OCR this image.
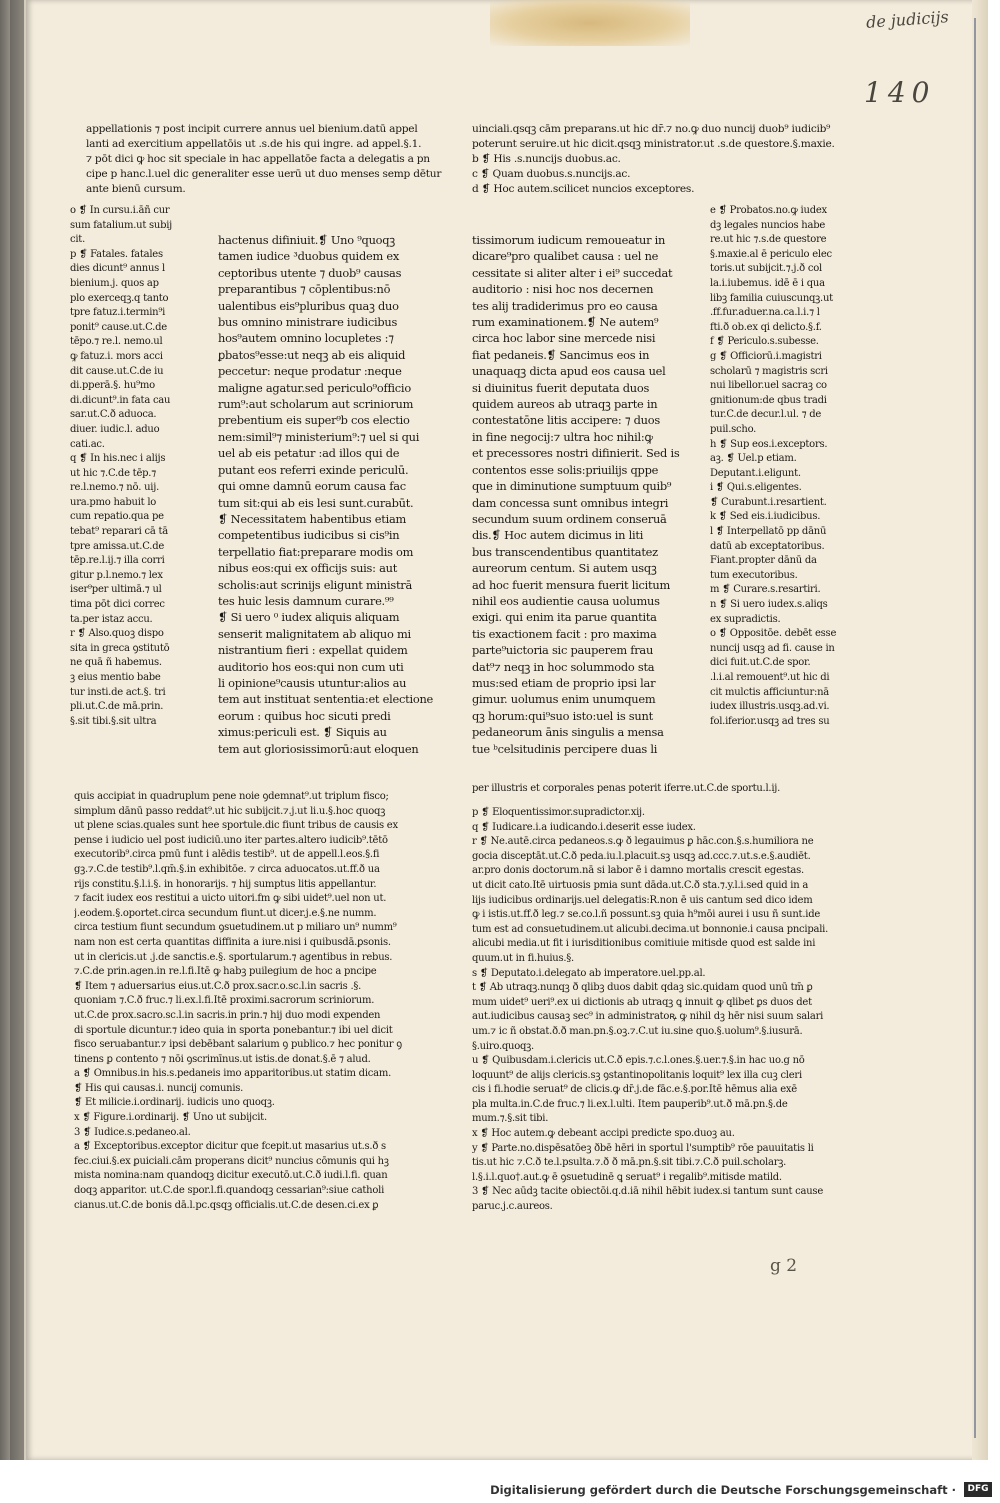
de judicijs
140
appellationis ⁊ post incipit currere annus uel bienium.datū appel
lanti ad exercitium appellatōis ut .s.de his qui ingre. ad appel.§.1.
⁊ pōt dici ꝙ hoc sit speciale in hac appellatōe facta a delegatis a pn
cipe p hanc.l.uel dic generaliter esse uerū ut duo menses semp dētur
ante bienū cursum.
uinciali.qsqꝫ cām preparans.ut hic dr̄.⁊ no.ꝙ duo nuncij duob⁹ iudicib⁹
poterunt seruire.ut hic dicit.qsqꝫ ministrator.ut .s.de questore.§.maxie.
b ❡ His .s.nuncijs duobus.ac.
c ❡ Quam duobus.s.nuncijs.ac.
d ❡ Hoc autem.scilicet nuncios exceptores.
o ❡ In cursu.i.āñ cur
sum fatalium.ut subij
cit.
p ❡ Fatales. fatales
dies dicunt⁹ annus l
bienium.j. quos ap
plo exerceqꝫ.q tanto
tpre fatuz.i.termin⁹i
ponit⁹ cause.ut.C.de
tēpo.⁊ re.l. nemo.ul
ꝙ fatuz.i. mors acci
dit cause.ut.C.de iu
di.pperā.§. hu⁹mo
di.dicunt⁹.in fata cau
sar.ut.C.ð aduoca.
diuer. iudic.l. aduo
cati.ac.
q ❡ In his.nec i alijs
ut hic ⁊.C.de tēp.⁊
re.l.nemo.⁊ nō. uij.
ura.pmo habuit lo
cum repatio.qua pe
tebat⁹ reparari cā tā
tpre amissa.ut.C.de
tēp.re.l.ij.⁊ illa corri
gitur p.l.nemo.⁊ lex
iser⁹per ultimā.⁊ ul
tima pōt dici correc
ta.per istaz accu.
r ❡ Also.quoꝫ dispo
sita in greca ꝯstitutō
ne quā ñ habemus.
ꝫ eius mentio babe
tur insti.de act.§. tri
pli.ut.C.de mā.prin.
§.sit tibi.§.sit ultra
hactenus difiniuit.❡ Uno ⁹quoqꝫ
tamen iudice ³duobus quidem ex
ceptoribus utente ⁊ duob⁹ causas
preparantibus ⁊ cōplentibus:nō
ualentibus eis⁹pluribus quaꝫ duo
bus omnino ministrare iudicibus
hos⁹autem omnino locupletes :⁊
ꝑbatos⁹esse:ut neqꝫ ab eis aliquid
peccetur: neque prodatur :neque
maligne agatur.sed periculo⁹officio
rum⁹:aut scholarum aut scriniorum
prebentium eis super⁹b cos electio
nem:simil⁹⁊ ministerium⁹:⁊ uel si qui
uel ab eis petatur :ad illos qui de
putant eos referri exinde periculū.
qui omne damnū eorum causa fac
tum sit:qui ab eis lesi sunt.curabūt.
❡ Necessitatem habentibus etiam
competentibus iudicibus si cis⁹in
terpellatio fiat:preparare modis om
nibus eos:qui ex officijs suis: aut
scholis:aut scrinijs eligunt ministrā
tes huic lesis damnum curare.⁹⁹
❡ Si uero ⁰ iudex aliquis aliquam
senserit malignitatem ab aliquo mi
nistrantium fieri : expellat quidem
auditorio hos eos:qui non cum uti
li opinione⁹causis utuntur:alios au
tem aut instituat sententia:et electione
eorum : quibus hoc sicuti predi
ximus:periculi est. ❡ Siquis au
tem aut gloriosissimorū:aut eloquen
tissimorum iudicum remoueatur in
dicare⁹pro qualibet causa : uel ne
cessitate si aliter alter i ei⁹ succedat
auditorio : nisi hoc nos decernen
tes alij tradiderimus pro eo causa
rum examinationem.❡ Ne autem⁹
circa hoc labor sine mercede nisi
fiat pedaneis.❡ Sancimus eos in
unaquaqꝫ dicta apud eos causa uel
si diuinitus fuerit deputata duos
quidem aureos ab utraqꝫ parte in
contestatōne litis accipere: ⁊ duos
in fine negocij:⁊ ultra hoc nihil:ꝙ
et precessores nostri difinierit. Sed is
contentos esse solis:priuilijs qppe
que in diminutione sumptuum quib⁹
dam concessa sunt omnibus integri
secundum suum ordinem conseruā
dis.❡ Hoc autem dicimus in liti
bus transcendentibus quantitatez
aureorum centum. Si autem usqꝫ
ad hoc fuerit mensura fuerit licitum
nihil eos audientie causa uolumus
exigi. qui enim ita parue quantita
tis exactionem facit : pro maxima
parte⁹uictoria sic pauperem frau
dat⁹⁊ neqꝫ in hoc solummodo sta
mus:sed etiam de proprio ipsi lar
gimur. uolumus enim unumquem
qꝫ horum:qui⁹suo isto:uel is sunt
pedaneorum ānis singulis a mensa
tue ᵇcelsitudinis percipere duas li
e ❡ Probatos.no.ꝙ iudex
dꝫ legales nuncios habe
re.ut hic ⁊.s.de questore
§.maxie.al ē periculo elec
toris.ut subijcit.⁊.j.ð col
la.i.iubemus. idē ē i qua
libꝫ familia cuiuscunqꝫ.ut
.ff.fur.aduer.na.ca.l.i.⁊ l
fti.ð ob.ex qi delicto.§.f.
f ❡ Periculo.s.subesse.
g ❡ Officiorū.i.magistri
scholarū ⁊ magistris scri
nui libellor.uel sacraꝫ co
gnitionum:de qbus tradi
tur.C.de decur.l.ul. ⁊ de
puil.scho.
h ❡ Sup eos.i.exceptors.
aꝫ. ❡ Uel.p etiam.
Deputant.i.eligunt.
i ❡ Qui.s.eligentes.
❡ Curabunt.i.resartient.
k ❡ Sed eis.i.iudicibus.
l ❡ Interpellatō pp dānū
datū ab exceptatoribus.
Fiant.propter dānū da
tum executoribus.
m ❡ Curare.s.resartiri.
n ❡ Si uero iudex.s.aliqs
ex supradictis.
o ❡ Oppositōe. debēt esse
nuncij usqꝫ ad fi. cause in
dici fuit.ut.C.de spor.
.l.i.al remouent⁹.ut hic di
cit mulctis afficiuntur:nā
iudex illustris.usqꝫ.ad.vi.
fol.iferior.usqꝫ ad tres su
per illustris et corporales penas poterit iferre.ut.C.de sportu.l.ij.
quis accipiat in quadruplum pene noie ꝯdemnat⁹.ut triplum fisco;
simplum dānū passo reddat⁹.ut hic subijcit.⁊.j.ut li.u.§.hoc quoqꝫ
ut plene scias.quales sunt hee sportule.dic fiunt tribus de causis ex
pense i iudicio uel post iudiciū.uno iter partes.altero iudicib⁹.tētō
executorib⁹.circa pmū funt i alēdis testib⁹. ut de appell.l.eos.§.fi
gꝫ.⁊.C.de testib⁹.l.qm̄.§.in exhibitōe. ⁊ circa aduocatos.ut.ff.ð ua
rijs constitu.§.l.i.§. in honorarijs. ⁊ hij sumptus litis appellantur.
⁊ facit iudex eos restitui a uicto uitori.fm ꝙ sibi uidet⁹.uel non ut.
j.eodem.§.oportet.circa secundum fiunt.ut dicer.j.e.§.ne numm.
circa testium fiunt secundum ꝯsuetudinem.ut p miliaro un⁹ numm⁹
nam non est certa quantitas diffinita a iure.nisi i quibusdā.ꝑsonis.
ut in clericis.ut .j.de sanctis.e.§. sportularum.⁊ agentibus in rebus.
⁊.C.de prin.agen.in re.l.fi.Itē ꝙ habꝫ puilegium de hoc a pncipe
❡ Item ⁊ aduersarius eius.ut.C.ð prox.sacr.o.sc.l.in sacris .§.
quoniam ⁊.C.ð fruc.⁊ li.ex.l.fi.Itē proximi.sacrorum scriniorum.
ut.C.de prox.sacro.sc.l.in sacris.in prin.⁊ hij duo modi expenden
di sportule dicuntur.⁊ ideo quia in sporta ponebantur.⁊ ibi uel dicit
fisco seruabantur.⁊ ipsi debēbant salarium ꝯ publico.⁊ hec ponitur ꝯ
tinens ꝑ contento ⁊ nōi ꝯscrimīnus.ut istis.de donat.§.ē ⁊ alud.
a ❡ Omnibus.in his.s.pedaneis imo apparitoribus.ut statim dicam.
❡ His qui causas.i. nuncij comunis.
❡ Et milicie.i.ordinarij. iudicis uno quoqꝫ.
x ❡ Figure.i.ordinarij. ❡ Uno ut subijcit.
3 ❡ Iudice.s.pedaneo.al.
a ❡ Exceptoribus.exceptor dicitur que fcepit.ut masarius ut.s.ð s
fec.ciui.§.ex ꝑuiciali.cām properans dicit⁹ nuncius cōmunis qui hꝫ
mista nomina:nam quandoqꝫ dicitur executō.ut.C.ð iudi.l.fi. quan
doqꝫ apparitor. ut.C.de spor.l.fi.quandoqꝫ cessarian⁹:siue catholi
cianus.ut.C.de bonis dā.l.pc.qsqꝫ officialis.ut.C.de desen.ci.ex ꝑ
p ❡ Eloquentissimor.supradictor.xij.
q ❡ Iudicare.i.a iudicando.i.deserit esse iudex.
r ❡ Ne.autē.circa pedaneos.s.ꝙ ð legauimus ꝑ hāc.con.§.s.humiliora ne
gocia disceptāt.ut.C.ð peda.iu.l.placuit.sꝫ usqꝫ ad.ccc.⁊.ut.s.e.§.audiēt.
ar.pro donis doctorum.nā si labor ē i damno mortalis crescit egestas.
ut dicit cato.Itē uirtuosis pmia sunt dāda.ut.C.ð sta.⁊.y.l.i.sed quid in a
lijs iudicibus ordinarijs.uel delegatis:R.non ē uis cantum sed dico idem
ꝙ i istis.ut.ff.ð leg.⁊ se.co.l.ñ possunt.sꝫ quia h⁹mōi aurei i usu ñ sunt.ide
tum est ad consuetudinem.ut alicubi.decima.ut bonnonie.i causa pncipali.
alicubi media.ut fit i iurisditionibus comitiuie mitisde quod est salde ini
quum.ut in fi.huius.§.
s ❡ Deputato.i.delegato ab imperatore.uel.pp.al.
t ❡ Ab utraqꝫ.nunqꝫ ð qlibꝫ duos dabit qdaꝫ sic.quidam quod unū tm̄ ꝑ
mum uidet⁹ ueri⁹.ex ui dictionis ab utraqꝫ ꝗ innuit ꝙ qlibet ꝑs duos det
aut.iudicibus causaꝫ sec⁹ in administratoꝶ ꝙ nihil dꝫ hēr nisi suum salari
um.⁊ ic ñ obstat.ð.ð man.pn.§.oꝫ.⁊.C.ut iu.sine quo.§.uolum⁹.§.iusurā.
§.uiro.quoqꝫ.
u ❡ Quibusdam.i.clericis ut.C.ð epis.⁊.c.l.ones.§.uer.⁊.§.in hac uo.g nō
loquunt⁹ de alijs clericis.sꝫ ꝯstantinopolitanis loquit⁹ lex illa cuꝫ cleri
cis i fi.hodie seruat⁹ de clicis.ꝙ dr̄.j.de fāc.e.§.por.Itē hēmus alia exē
pla multa.in.C.de fruc.⁊ li.ex.l.ulti. Item pauperib⁹.ut.ð mā.pn.§.de
mum.⁊.§.sit tibi.
x ❡ Hoc autem.ꝙ debeant accipi predicte spo.duoꝫ au.
y ❡ Parte.no.dispēsatōeꝫ ðbē hēri in sportul l'sumptib⁹ rōe pauuitatis li
tis.ut hic ⁊.C.ð te.l.psulta.⁊.ð ð mā.pn.§.sit tibi.⁊.C.ð puil.scholarꝫ.
l.§.i.l.quo†.aut.ꝙ ē ꝯsuetudinē ꝗ seruat⁹ i regalib⁹.mitisde matild.
3 ❡ Nec aūdꝫ tacite obiectōi.q.d.iā nihil hēbit iudex.si tantum sunt cause
paruc.j.c.aureos.
g 2
Digitalisierung gefördert durch die Deutsche Forschungsgemeinschaft ·	DFG
